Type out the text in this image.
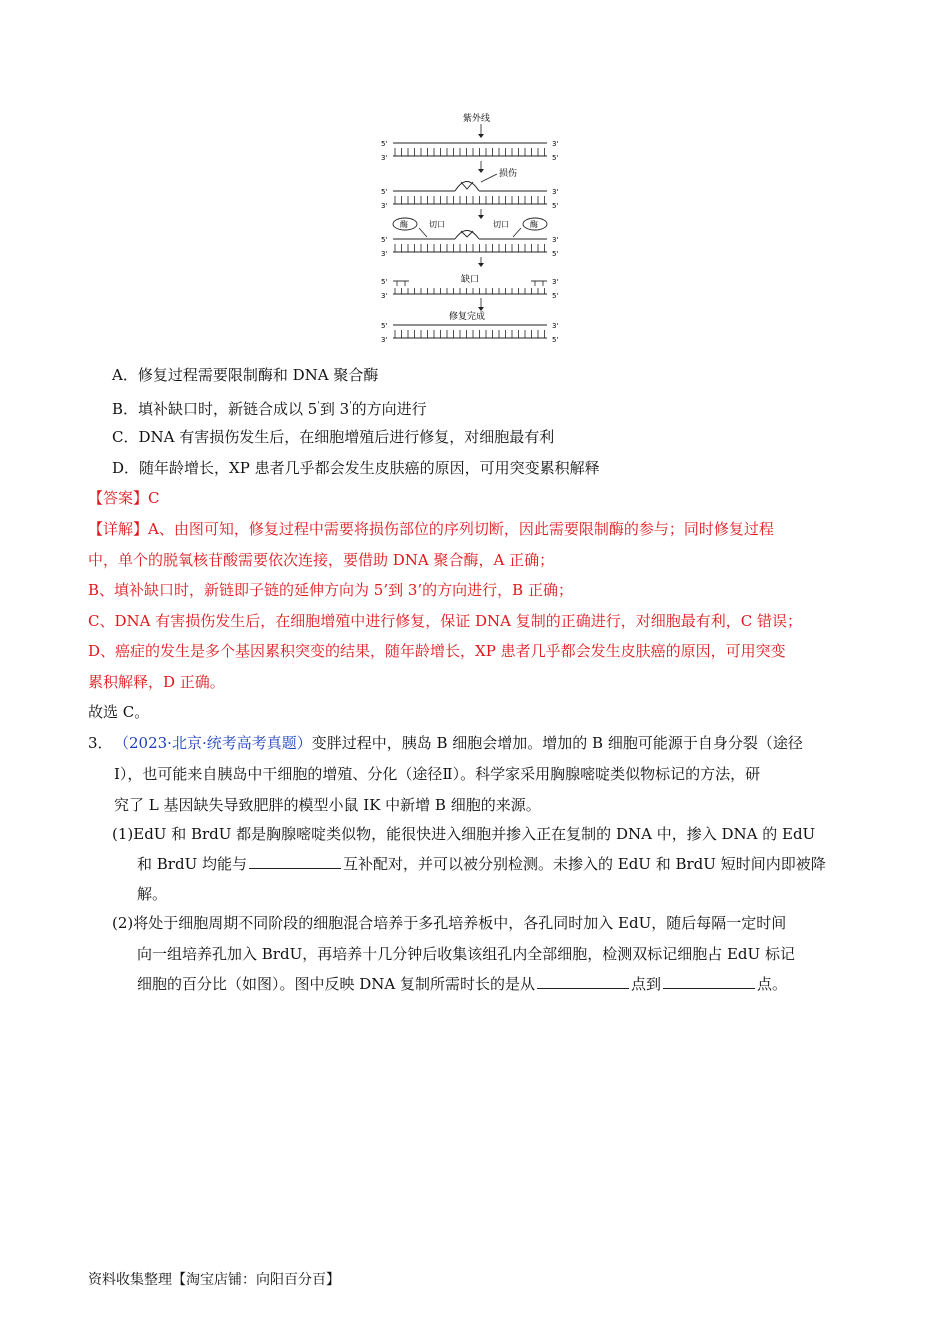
紫外线
5'
3'
3'
5'
5'
3'
3'
5'
损伤
酶	酶
切口	切口
5'
3'
3'
5'
5'
3'
缺口	3'
5'
修复完成
5'
3'
3'
5'
A．修复过程需要限制酶和 DNA 聚合酶
B．填补缺口时，新链合成以 5'到 3'的方向进行
C．DNA 有害损伤发生后，在细胞增殖后进行修复，对细胞最有利
D．随年龄增长，XP 患者几乎都会发生皮肤癌的原因，可用突变累积解释
【答案】C
【详解】A、由图可知，修复过程中需要将损伤部位的序列切断，因此需要限制酶的参与；同时修复过程
中，单个的脱氧核苷酸需要依次连接，要借助 DNA 聚合酶，A 正确；
B、填补缺口时，新链即子链的延伸方向为 5’到 3’的方向进行，B 正确；
C、DNA 有害损伤发生后，在细胞增殖中进行修复，保证 DNA 复制的正确进行，对细胞最有利，C 错误；
D、癌症的发生是多个基因累积突变的结果，随年龄增长，XP 患者几乎都会发生皮肤癌的原因，可用突变
累积解释，D 正确。
故选 C。
3．（2023·北京·统考高考真题）变胖过程中，胰岛 B 细胞会增加。增加的 B 细胞可能源于自身分裂（途径
Ⅰ），也可能来自胰岛中干细胞的增殖、分化（途径Ⅱ）。科学家采用胸腺嘧啶类似物标记的方法，研
究了 L 基因缺失导致肥胖的模型小鼠 IK 中新增 B 细胞的来源。
(1)EdU 和 BrdU 都是胸腺嘧啶类似物，能很快进入细胞并掺入正在复制的 DNA 中，掺入 DNA 的 EdU
和 BrdU 均能与	互补配对，并可以被分别检测。未掺入的 EdU 和 BrdU 短时间内即被降
解。
(2)将处于细胞周期不同阶段的细胞混合培养于多孔培养板中，各孔同时加入 EdU，随后每隔一定时间
向一组培养孔加入 BrdU，再培养十几分钟后收集该组孔内全部细胞，检测双标记细胞占 EdU 标记
细胞的百分比（如图）。图中反映 DNA 复制所需时长的是从	点到	点。
资料收集整理【淘宝店铺：向阳百分百】
